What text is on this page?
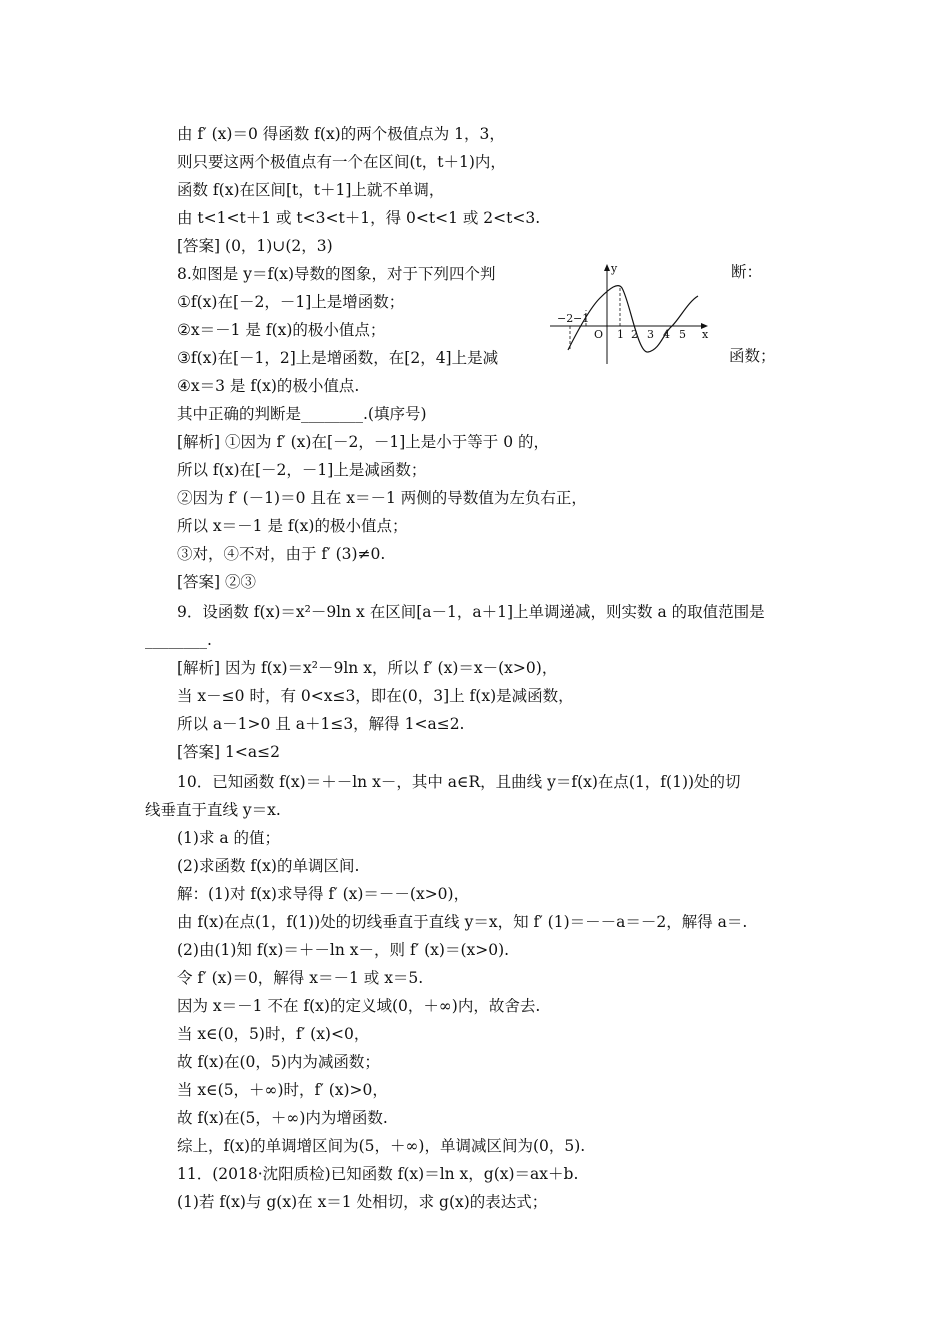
由 f′ (x)＝0 得函数 f(x)的两个极值点为 1，3，
则只要这两个极值点有一个在区间(t，t＋1)内，
函数 f(x)在区间[t，t＋1]上就不单调，
由 t<1<t＋1 或 t<3<t＋1，得 0<t<1 或 2<t<3.
[答案] (0，1)∪(2，3)
8.如图是 y＝f(x)导数的图象，对于下列四个判
①f(x)在[－2，－1]上是增函数；
②x＝－1 是 f(x)的极小值点；
③f(x)在[－1，2]上是增函数，在[2，4]上是减
④x＝3 是 f(x)的极小值点.
其中正确的判断是________.(填序号)
[解析] ①因为 f′ (x)在[－2，－1]上是小于等于 0 的，
所以 f(x)在[－2，－1]上是减函数；
②因为 f′ (－1)＝0 且在 x＝－1 两侧的导数值为左负右正，
所以 x＝－1 是 f(x)的极小值点；
③对，④不对，由于 f′ (3)≠0.
[答案] ②③
9．设函数 f(x)＝x²－9ln x 在区间[a－1，a＋1]上单调递减，则实数 a 的取值范围是
________.
[解析] 因为 f(x)＝x²－9ln x，所以 f′ (x)＝x－(x>0)，
当 x－≤0 时，有 0<x≤3，即在(0，3]上 f(x)是减函数，
所以 a－1>0 且 a＋1≤3，解得 1<a≤2.
[答案] 1<a≤2
10．已知函数 f(x)＝＋－ln x－，其中 a∈R，且曲线 y＝f(x)在点(1，f(1))处的切
线垂直于直线 y＝x.
(1)求 a 的值；
(2)求函数 f(x)的单调区间.
解：(1)对 f(x)求导得 f′ (x)＝－－(x>0)，
由 f(x)在点(1，f(1))处的切线垂直于直线 y＝x，知 f′ (1)＝－－a＝－2，解得 a＝.
(2)由(1)知 f(x)＝＋－ln x－，则 f′ (x)＝(x>0).
令 f′ (x)＝0，解得 x＝－1 或 x＝5.
因为 x＝－1 不在 f(x)的定义域(0，＋∞)内，故舍去.
当 x∈(0，5)时，f′ (x)<0，
故 f(x)在(0，5)内为减函数；
当 x∈(5，＋∞)时，f′ (x)>0，
故 f(x)在(5，＋∞)内为增函数.
综上，f(x)的单调增区间为(5，＋∞)，单调减区间为(0，5).
11．(2018·沈阳质检)已知函数 f(x)＝ln x，g(x)＝ax＋b.
(1)若 f(x)与 g(x)在 x＝1 处相切，求 g(x)的表达式；
断：
函数；
y
x
O
−2 −1
1 2 3 4 5
